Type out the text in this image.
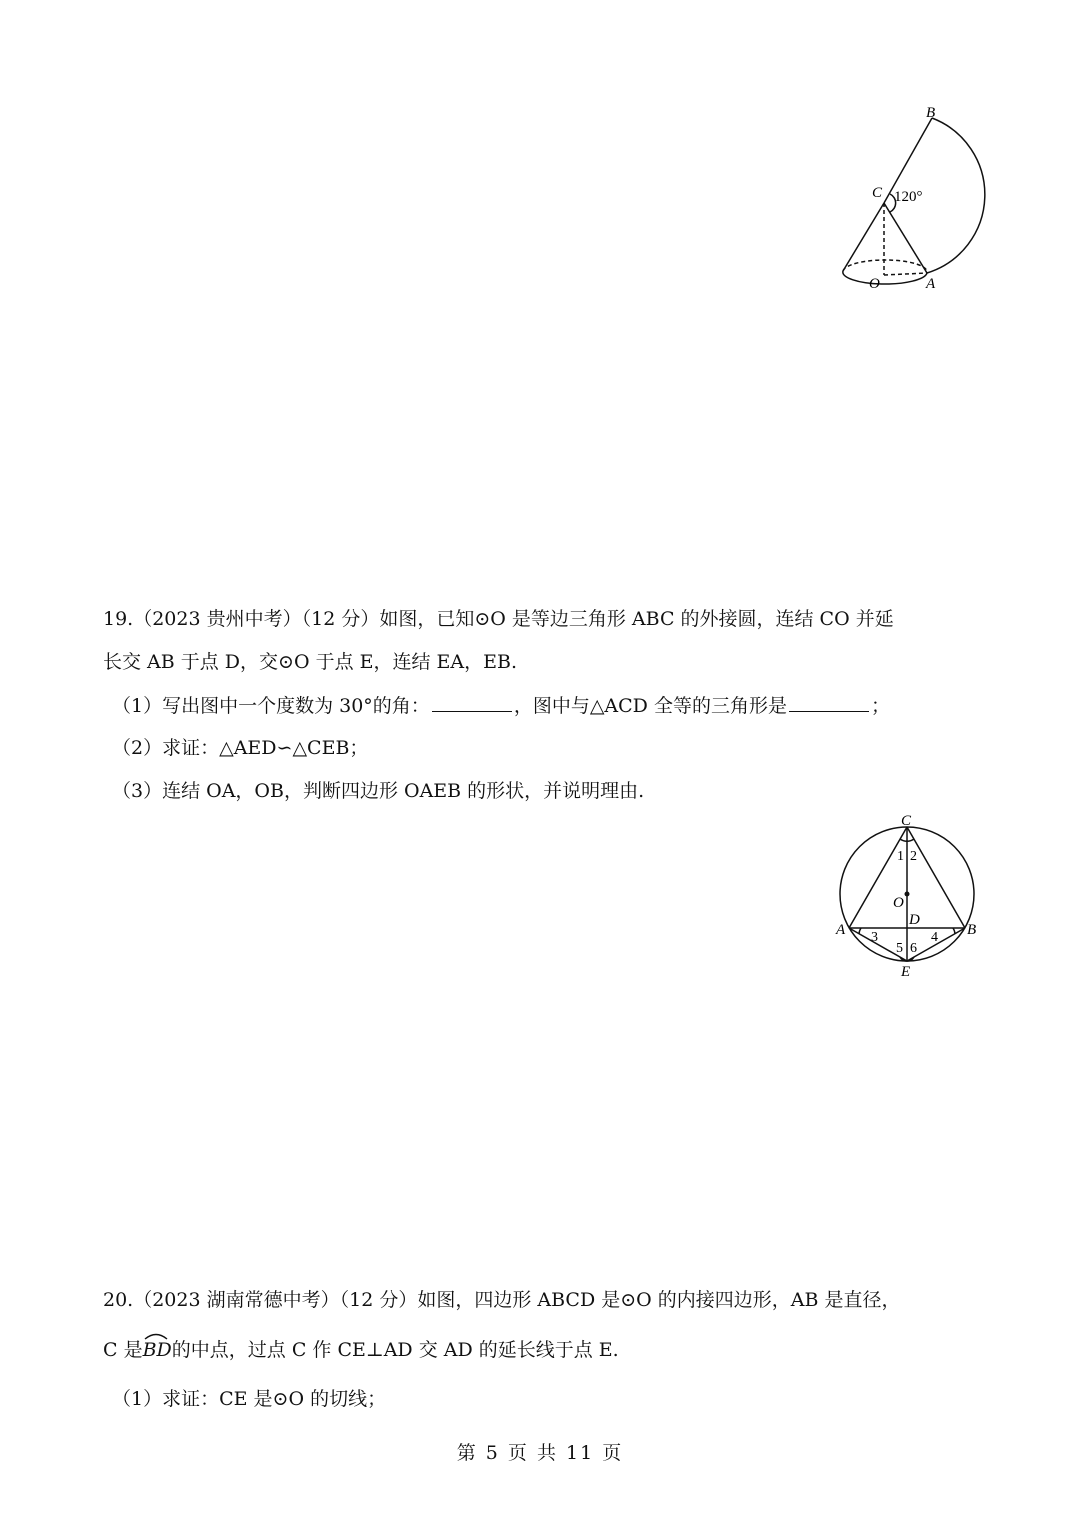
B
C 120°
O	A
19.（2023 贵州中考）（12 分）如图，已知⊙O 是等边三角形 ABC 的外接圆，连结 CO 并延
长交 AB 于点 D，交⊙O 于点 E，连结 EA，EB.
（1）写出图中一个度数为 30°的角：	，图中与△ACD 全等的三角形是	；
（2）求证：△AED∽△CEB；
（3）连结 OA，OB，判断四边形 OAEB 的形状，并说明理由.
C
1 2
O
D
A 3	4 B
5 6
E
20.（2023 湖南常德中考）（12 分）如图，四边形 ABCD 是⊙O 的内接四边形，AB 是直径，
C 是
BD的中点，过点 C 作 CE⊥AD 交 AD 的延长线于点 E.
（1）求证：CE 是⊙O 的切线；
第 5 页 共 11 页
